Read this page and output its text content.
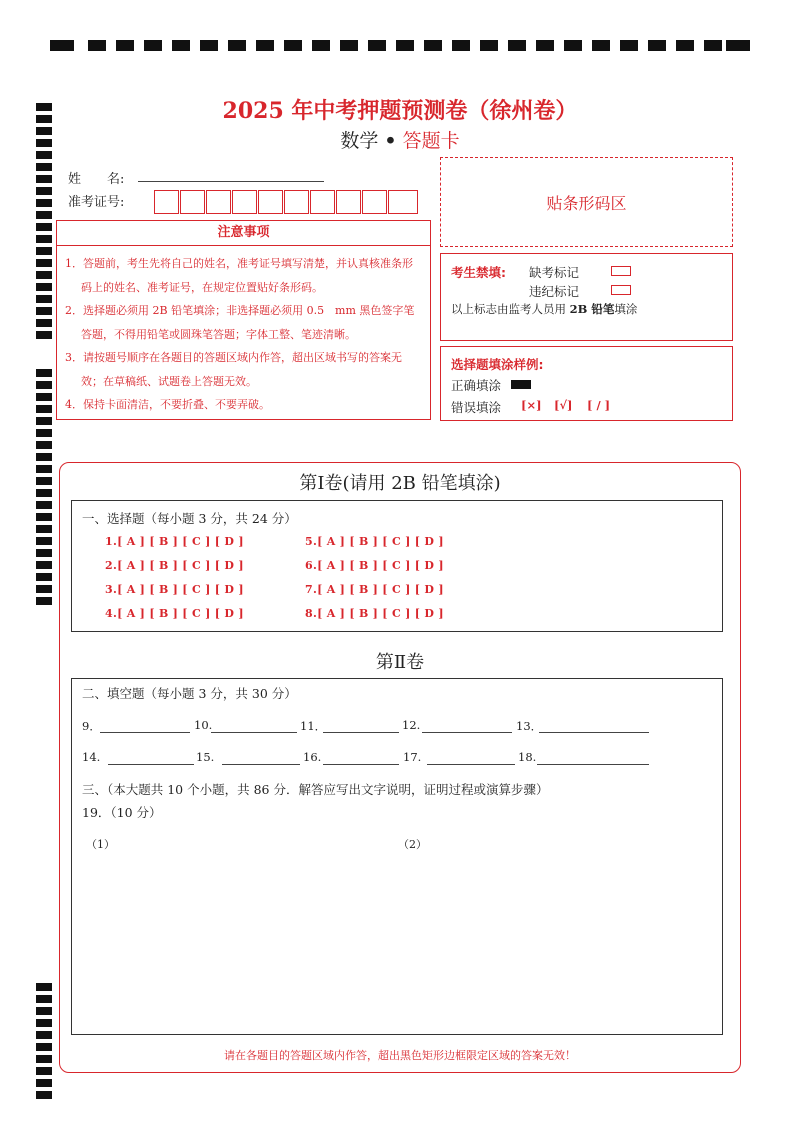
2025 年中考押题预测卷（徐州卷）
数学 • 答题卡
姓　　名:
准考证号:	贴条形码区
注意事项
1．答题前，考生先将自己的姓名，准考证号填写清楚，并认真核准条形码上的姓名、准考证号，在规定位置贴好条形码。
2．选择题必须用 2B 铅笔填涂；非选择题必须用 0.5　mm 黑色签字笔答题，不得用铅笔或圆珠笔答题；字体工整、笔迹清晰。
3．请按题号顺序在各题目的答题区域内作答，超出区域书写的答案无效；在草稿纸、试题卷上答题无效。
4．保持卡面清洁，不要折叠、不要弄破。
考生禁填: 缺考标记
违纪标记
以上标志由监考人员用 2B 铅笔填涂
选择题填涂样例:
正确填涂
错误填涂 [×] [√] [ / ]
第Ⅰ卷(请用 2B 铅笔填涂)
一、选择题（每小题 3 分，共 24 分）
1.[ A ] [ B ] [ C ] [ D ]
2.[ A ] [ B ] [ C ] [ D ]
3.[ A ] [ B ] [ C ] [ D ]
4.[ A ] [ B ] [ C ] [ D ]
5.[ A ] [ B ] [ C ] [ D ]
6.[ A ] [ B ] [ C ] [ D ]
7.[ A ] [ B ] [ C ] [ D ]
8.[ A ] [ B ] [ C ] [ D ]
第Ⅱ卷
二、填空题（每小题 3 分，共 30 分）
9．	10.	11．	12.	13．
14.	15.	16.	17.	18.
三、（本大题共 10 个小题，共 86 分．解答应写出文字说明，证明过程或演算步骤）
19．（10 分）
（1）	（2）
请在各题目的答题区域内作答，超出黑色矩形边框限定区域的答案无效！
